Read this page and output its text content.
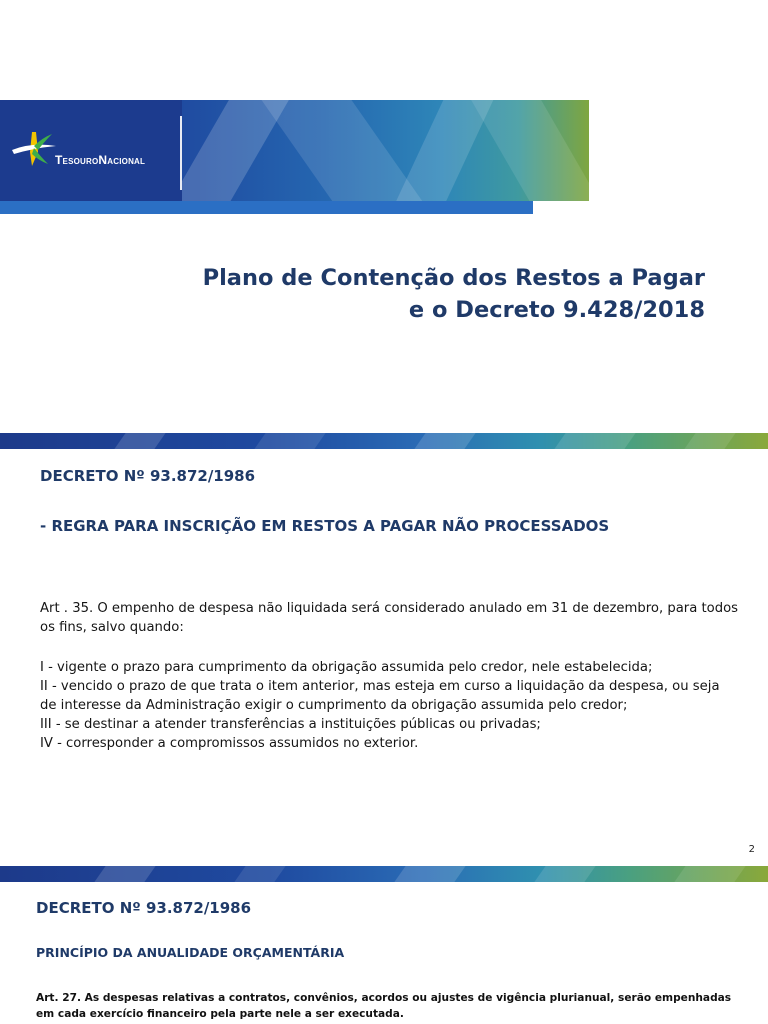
TesouroNacional
Plano de Contenção dos Restos a Pagar
e o Decreto 9.428/2018
DECRETO Nº 93.872/1986
- REGRA PARA INSCRIÇÃO EM RESTOS A PAGAR NÃO PROCESSADOS
Art . 35. O empenho de despesa não liquidada será considerado anulado em 31 de dezembro, para todos os fins, salvo quando:
I - vigente o prazo para cumprimento da obrigação assumida pelo credor, nele estabelecida;
II - vencido o prazo de que trata o item anterior, mas esteja em curso a liquidação da despesa, ou seja de interesse da Administração exigir o cumprimento da obrigação assumida pelo credor;
III - se destinar a atender transferências a instituições públicas ou privadas;
IV - corresponder a compromissos assumidos no exterior.
2
DECRETO Nº 93.872/1986
PRINCÍPIO DA ANUALIDADE ORÇAMENTÁRIA
Art. 27. As despesas relativas a contratos, convênios, acordos ou ajustes de vigência plurianual, serão empenhadas em cada exercício financeiro pela parte nele a ser executada.
